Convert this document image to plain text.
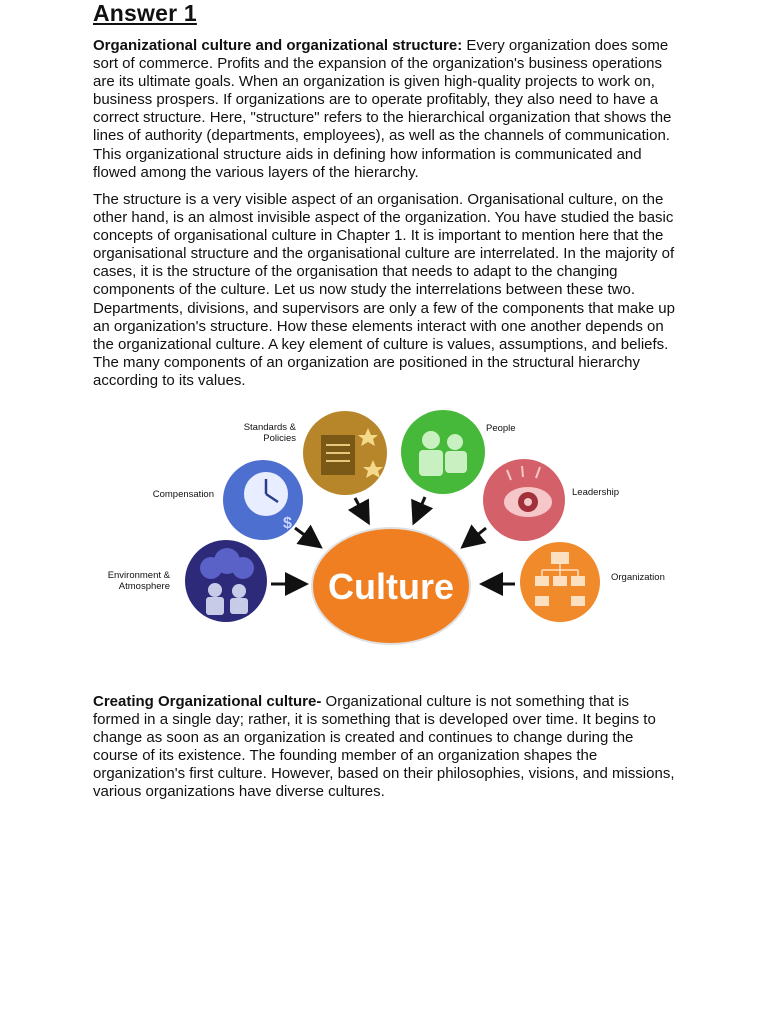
Answer 1

Organizational culture and organizational structure: Every organization does some sort of commerce. Profits and the expansion of the organization's business operations are its ultimate goals. When an organization is given high-quality projects to work on, business prospers. If organizations are to operate profitably, they also need to have a correct structure. Here, "structure" refers to the hierarchical organization that shows the lines of authority (departments, employees), as well as the channels of communication. This organizational structure aids in defining how information is communicated and flowed among the various layers of the hierarchy.

The structure is a very visible aspect of an organisation. Organisational culture, on the other hand, is an almost invisible aspect of the organization. You have studied the basic concepts of organisational culture in Chapter 1. It is important to mention here that the organisational structure and the organisational culture are interrelated. In the majority of cases, it is the structure of the organisation that needs to adapt to the changing components of the culture. Let us now study the interrelations between these two. Departments, divisions, and supervisors are only a few of the components that make up an organization's structure. How these elements interact with one another depends on the organizational culture. A key element of culture is values, assumptions, and beliefs. The many components of an organization are positioned in the structural hierarchy according to its values.

Culture
Standards &
Policies
People
$
Compensation	Leadership
Environment &
Atmosphere
Organization

Creating Organizational culture- Organizational culture is not something that is formed in a single day; rather, it is something that is developed over time. It begins to change as soon as an organization is created and continues to change during the course of its existence. The founding member of an organization shapes the organization's first culture. However, based on their philosophies, visions, and missions, various organizations have diverse cultures.
